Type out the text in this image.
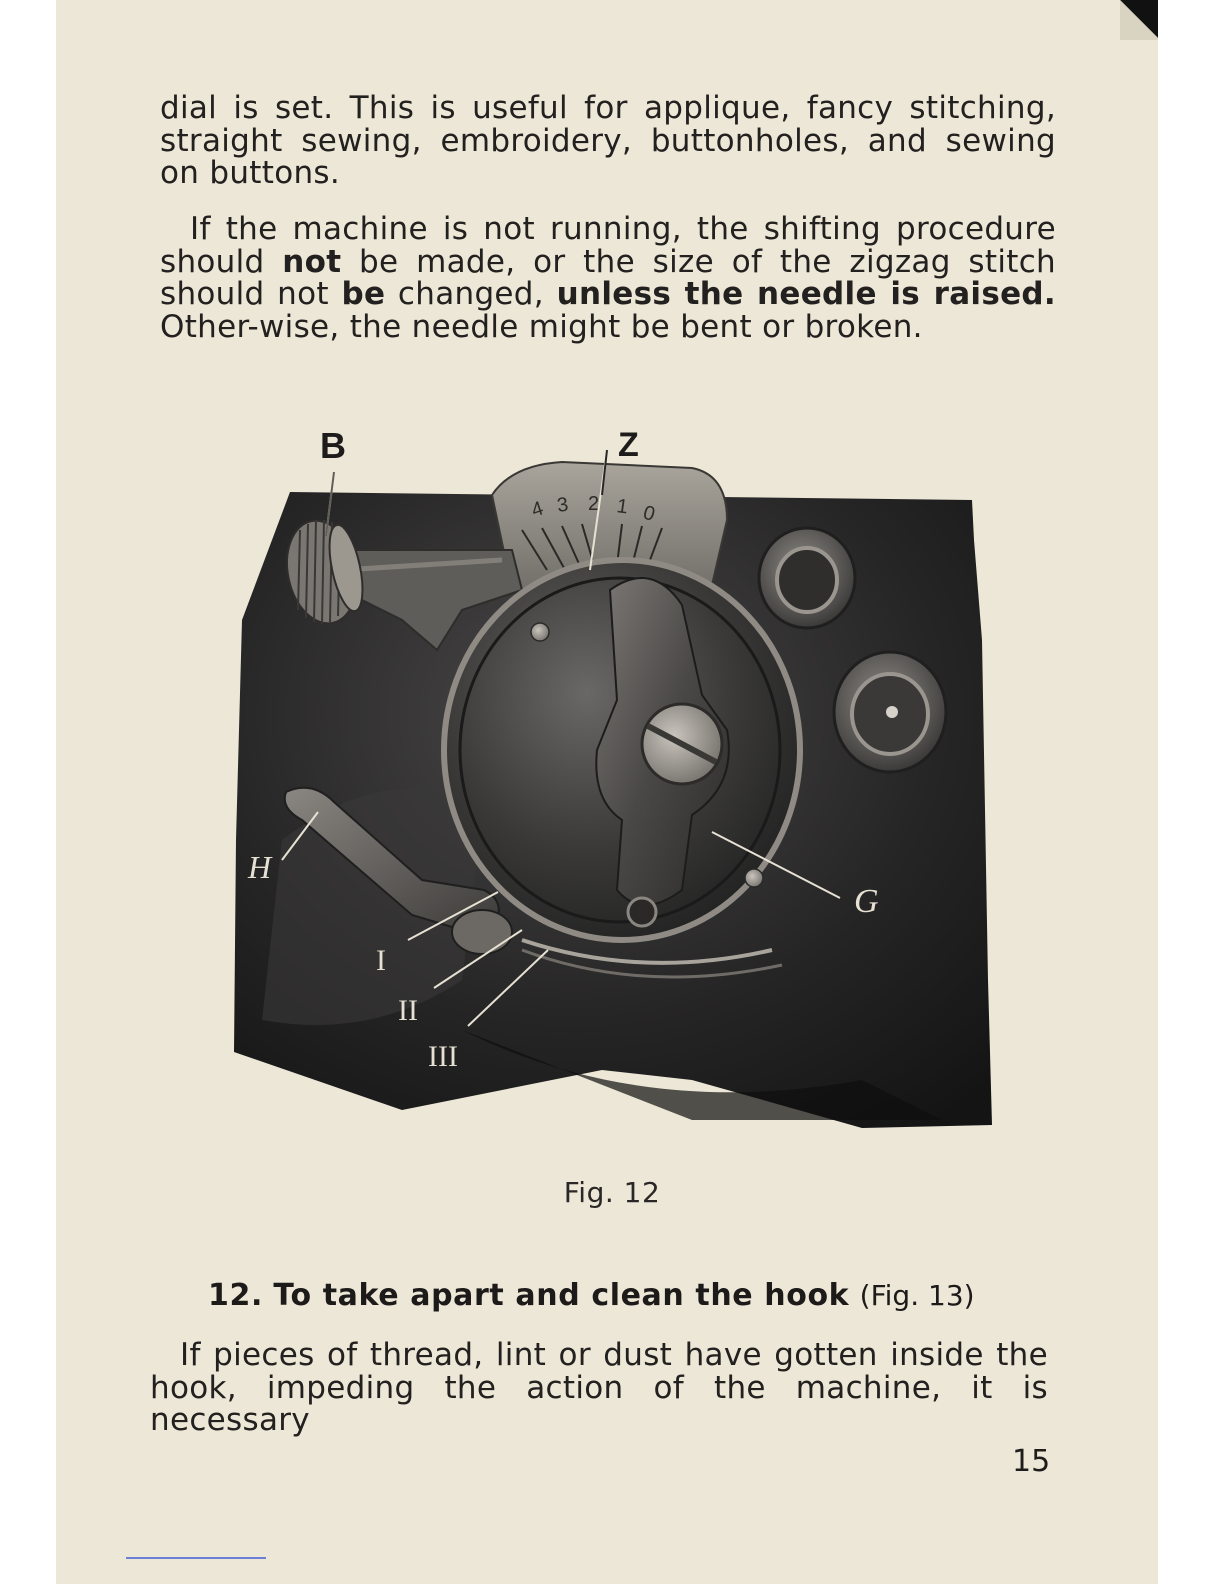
dial is set. This is useful for applique, fancy stitching, straight sewing, embroidery, buttonholes, and sewing on buttons.

If the machine is not running, the shifting procedure should not be made, or the size of the zigzag stitch should not be changed, unless the needle is raised. Other-wise, the needle might be bent or broken.

4 3 2 1 0
B	Z
H
G
I
II
III
Fig. 12
12. To take apart and clean the hook (Fig. 13)

If pieces of thread, lint or dust have gotten inside the hook, impeding the action of the machine, it is necessary

15
